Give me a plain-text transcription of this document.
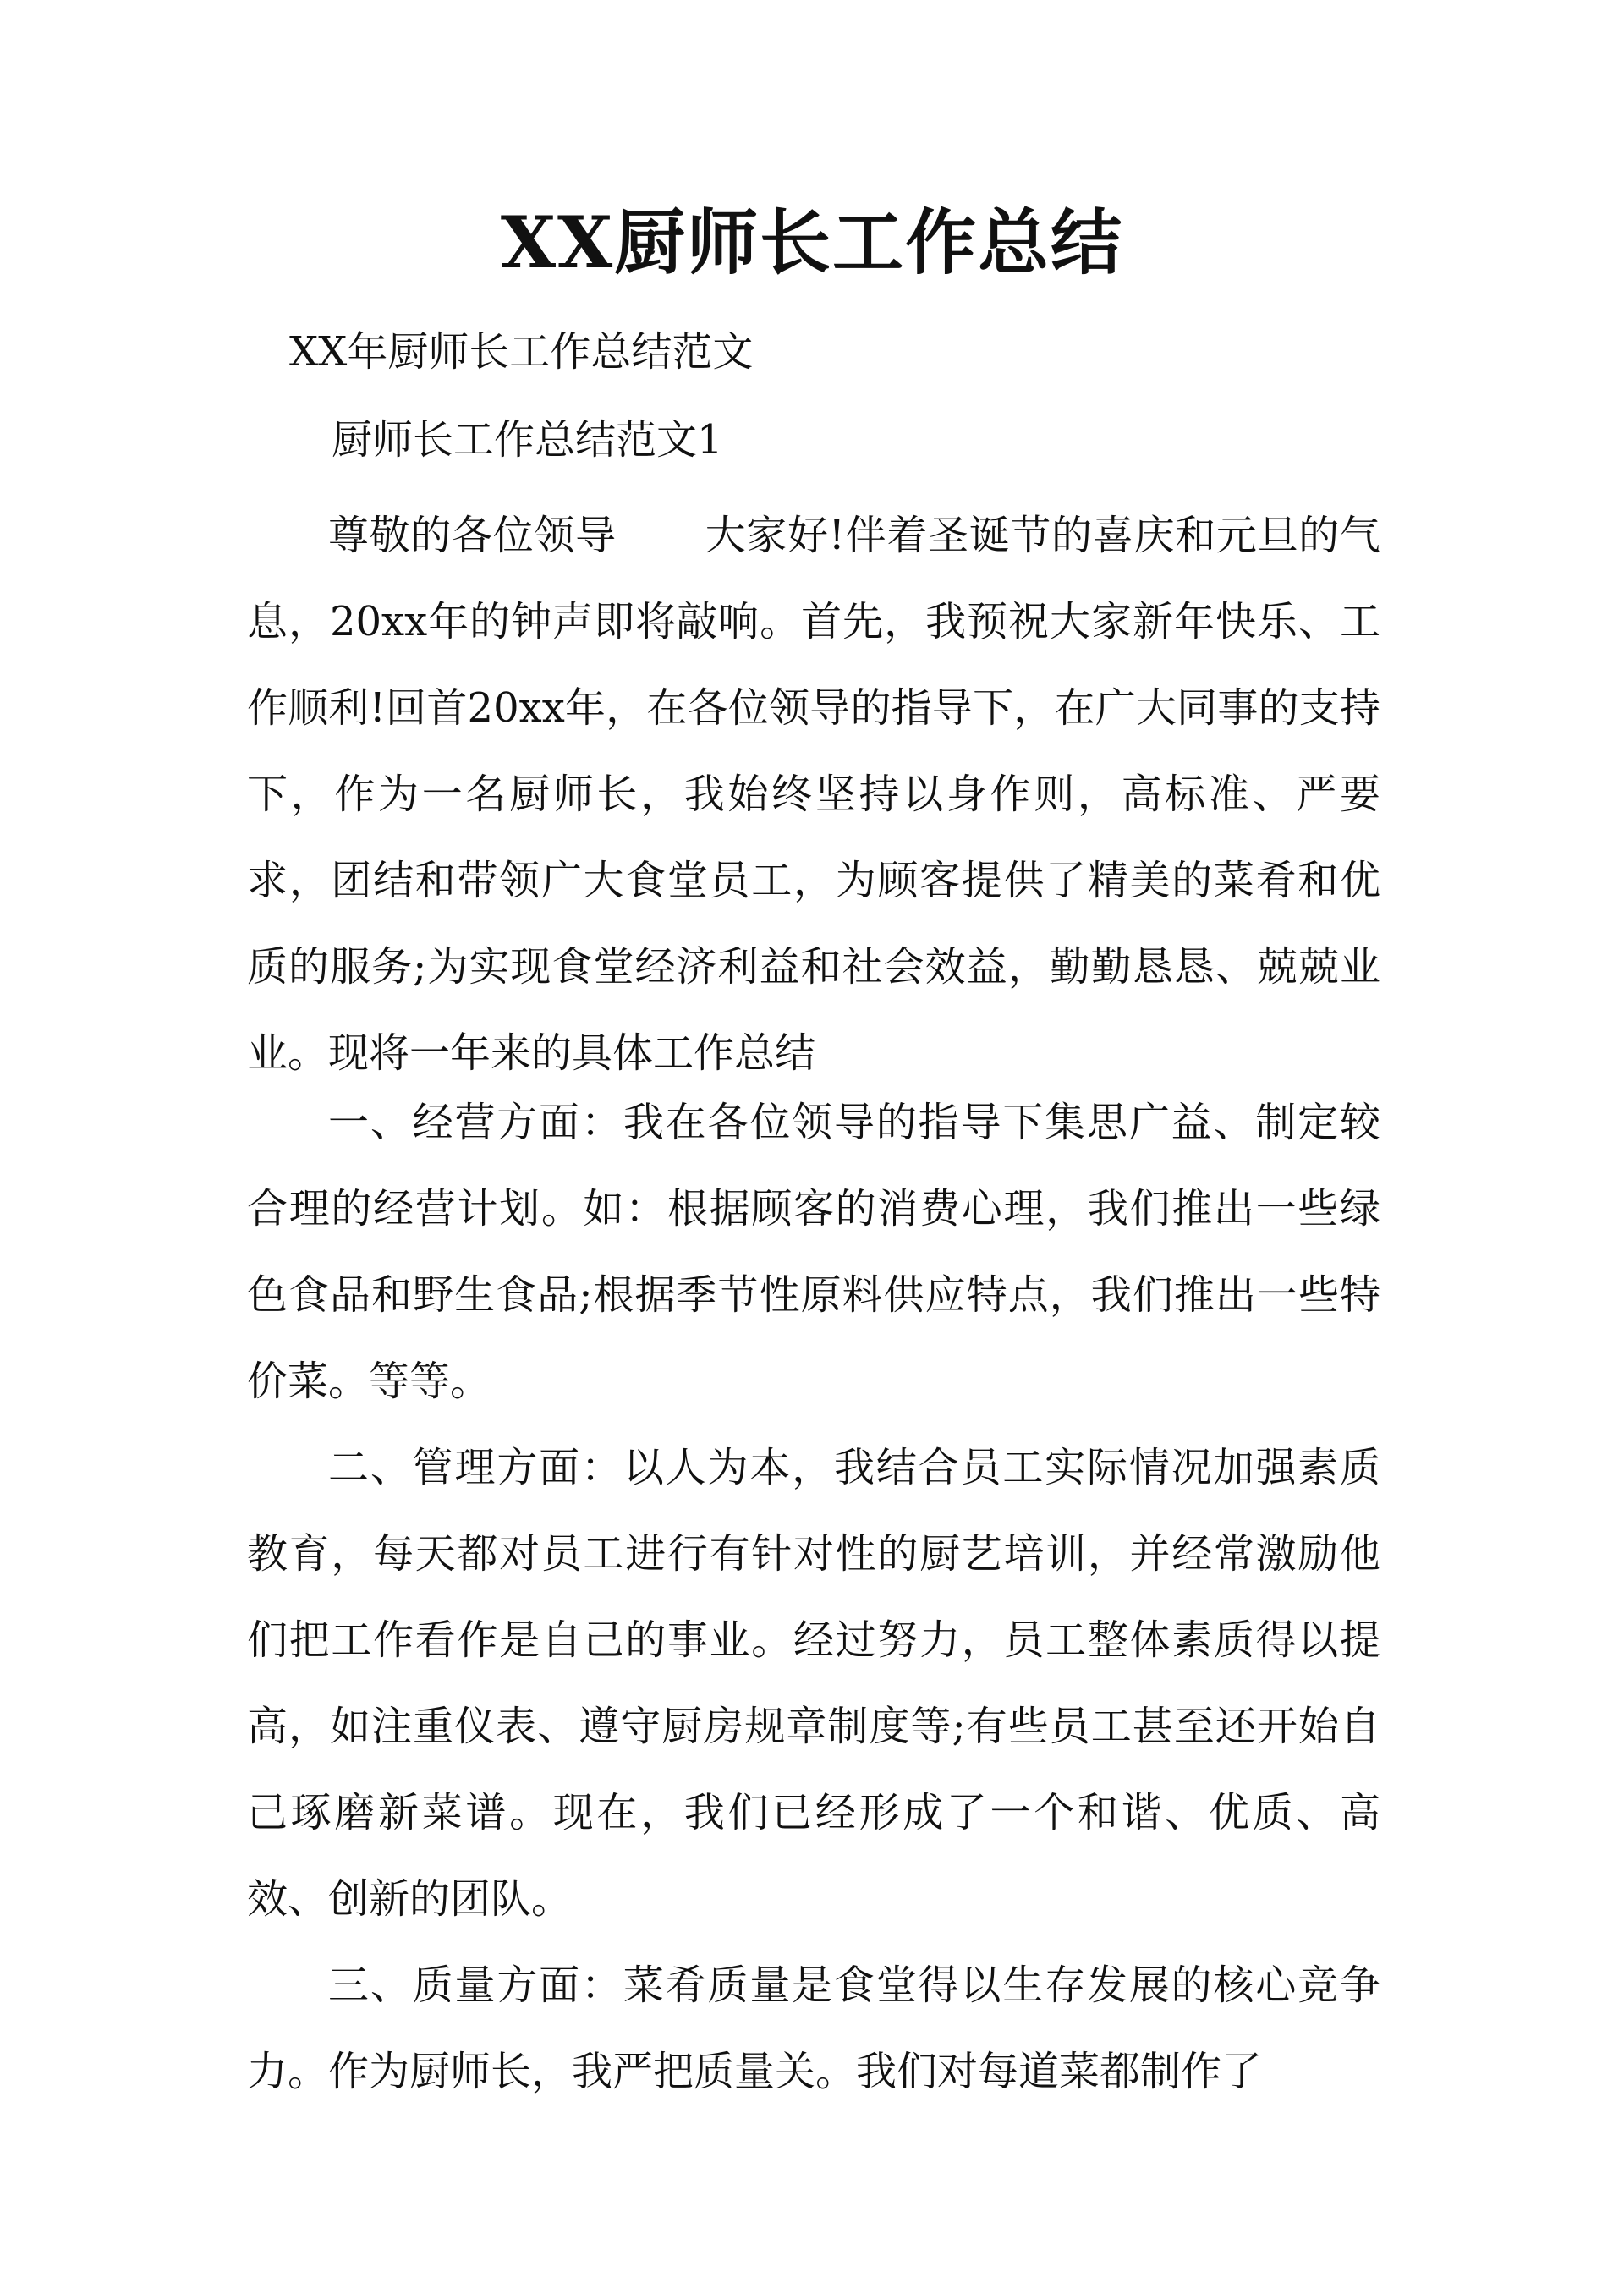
XX厨师长工作总结
XX年厨师长工作总结范文
厨师长工作总结范文1

尊敬的各位领导 大家好!伴着圣诞节的喜庆和元旦的气息，20xx年的钟声即将敲响。首先，我预祝大家新年快乐、工作顺利!回首20xx年，在各位领导的指导下，在广大同事的支持下，作为一名厨师长，我始终坚持以身作则，高标准、严要求，团结和带领广大食堂员工，为顾客提供了精美的菜肴和优质的服务;为实现食堂经济利益和社会效益，勤勤恳恳、兢兢业业。现将一年来的具体工作总结

一、经营方面：我在各位领导的指导下集思广益、制定较合理的经营计划。如：根据顾客的消费心理，我们推出一些绿色食品和野生食品;根据季节性原料供应特点，我们推出一些特价菜。等等。

二、管理方面：以人为本，我结合员工实际情况加强素质教育，每天都对员工进行有针对性的厨艺培训，并经常激励他们把工作看作是自己的事业。经过努力，员工整体素质得以提高，如注重仪表、遵守厨房规章制度等;有些员工甚至还开始自己琢磨新菜谱。现在，我们已经形成了一个和谐、优质、高效、创新的团队。

三、质量方面：菜肴质量是食堂得以生存发展的核心竞争力。作为厨师长，我严把质量关。我们对每道菜都制作了
